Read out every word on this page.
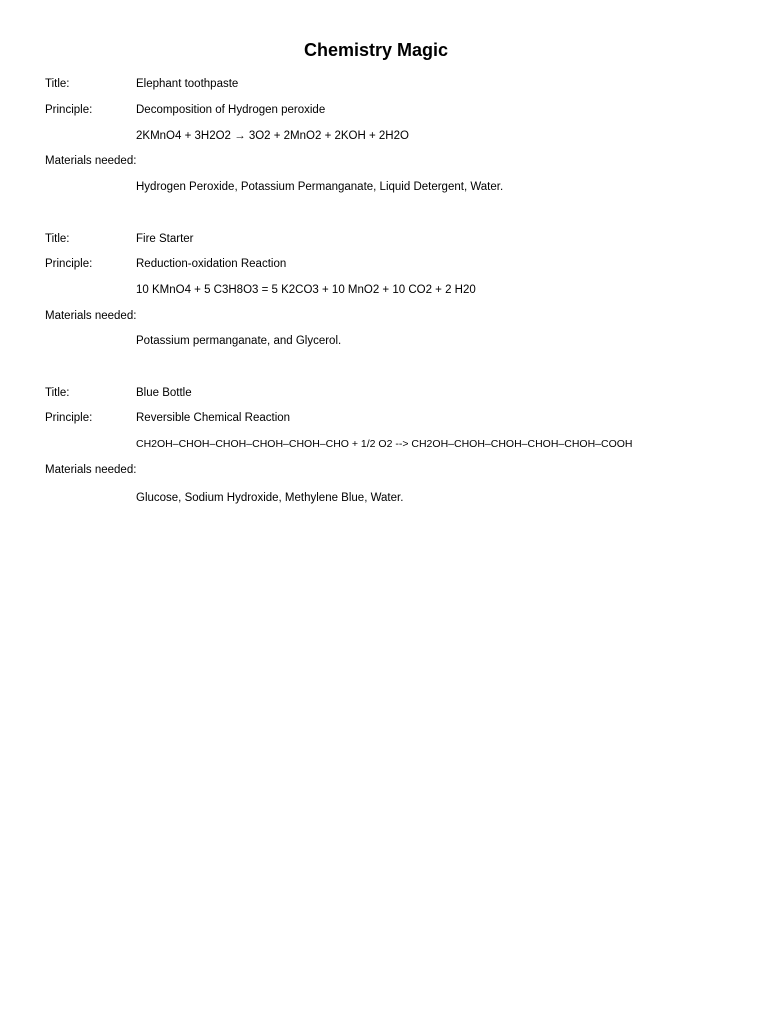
Chemistry Magic
Title:	Elephant toothpaste
Principle:	Decomposition of Hydrogen peroxide
2KMnO4 + 3H2O2 → 3O2 + 2MnO2 + 2KOH + 2H2O
Materials needed:
Hydrogen Peroxide, Potassium Permanganate, Liquid Detergent, Water.
Title:	Fire Starter
Principle:	Reduction-oxidation Reaction
10 KMnO4 + 5 C3H8O3 = 5 K2CO3 + 10 MnO2 + 10 CO2 + 2 H20
Materials needed:
Potassium permanganate, and Glycerol.
Title:	Blue Bottle
Principle:	Reversible Chemical Reaction
CH2OH–CHOH–CHOH–CHOH–CHOH–CHO + 1/2 O2 --> CH2OH–CHOH–CHOH–CHOH–CHOH–COOH
Materials needed:
Glucose, Sodium Hydroxide, Methylene Blue, Water.
